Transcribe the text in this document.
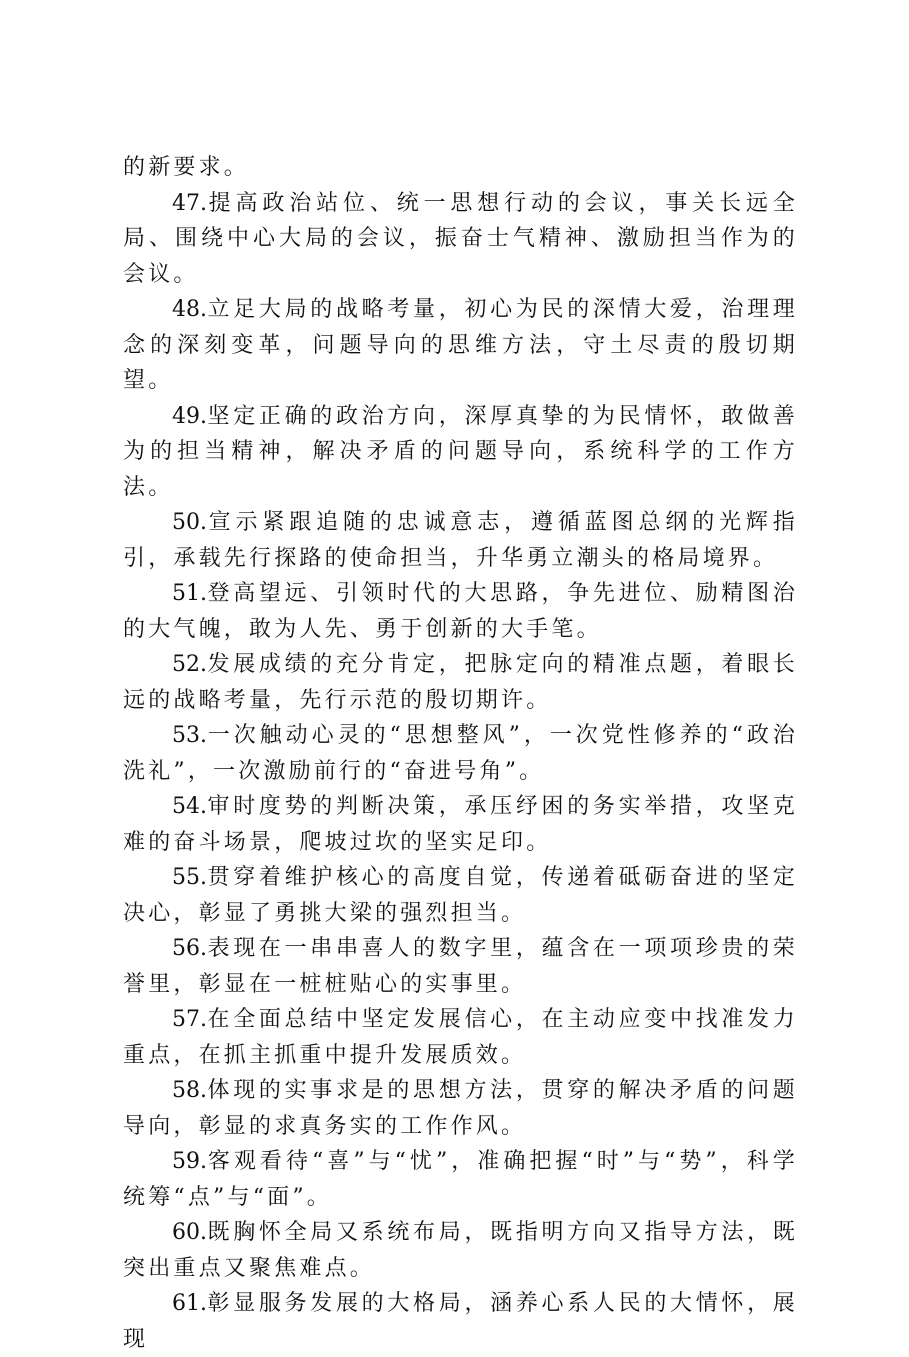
的新要求。

47.提高政治站位、统一思想行动的会议，事关长远全局、围绕中心大局的会议，振奋士气精神、激励担当作为的会议。

48.立足大局的战略考量，初心为民的深情大爱，治理理念的深刻变革，问题导向的思维方法，守土尽责的殷切期望。

49.坚定正确的政治方向，深厚真挚的为民情怀，敢做善为的担当精神，解决矛盾的问题导向，系统科学的工作方法。

50.宣示紧跟追随的忠诚意志，遵循蓝图总纲的光辉指引，承载先行探路的使命担当，升华勇立潮头的格局境界。

51.登高望远、引领时代的大思路，争先进位、励精图治的大气魄，敢为人先、勇于创新的大手笔。

52.发展成绩的充分肯定，把脉定向的精准点题，着眼长远的战略考量，先行示范的殷切期许。

53.一次触动心灵的“思想整风”，一次党性修养的“政治洗礼”，一次激励前行的“奋进号角”。

54.审时度势的判断决策，承压纾困的务实举措，攻坚克难的奋斗场景，爬坡过坎的坚实足印。

55.贯穿着维护核心的高度自觉，传递着砥砺奋进的坚定决心，彰显了勇挑大梁的强烈担当。

56.表现在一串串喜人的数字里，蕴含在一项项珍贵的荣誉里，彰显在一桩桩贴心的实事里。

57.在全面总结中坚定发展信心，在主动应变中找准发力重点，在抓主抓重中提升发展质效。

58.体现的实事求是的思想方法，贯穿的解决矛盾的问题导向，彰显的求真务实的工作作风。

59.客观看待“喜”与“忧”，准确把握“时”与“势”，科学统筹“点”与“面”。

60.既胸怀全局又系统布局，既指明方向又指导方法，既突出重点又聚焦难点。

61.彰显服务发展的大格局，涵养心系人民的大情怀，展现
